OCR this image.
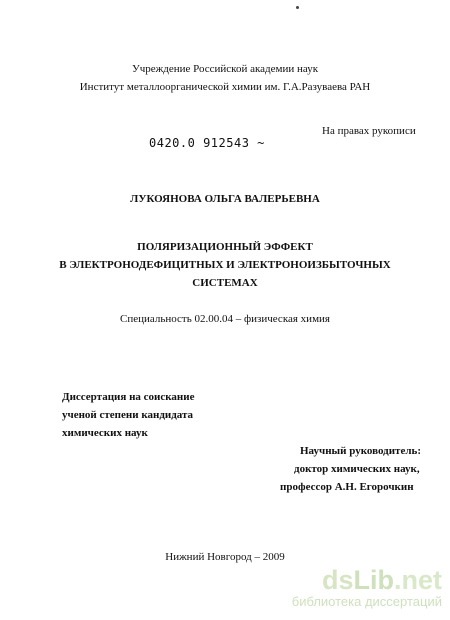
Учреждение Российской академии наук
Институт металлоорганической химии им. Г.А.Разуваева РАН
На правах рукописи
0420.0 912543 ~
ЛУКОЯНОВА ОЛЬГА ВАЛЕРЬЕВНА
ПОЛЯРИЗАЦИОННЫЙ ЭФФЕКТ
В ЭЛЕКТРОНОДЕФИЦИТНЫХ И ЭЛЕКТРОНОИЗБЫТОЧНЫХ
СИСТЕМАХ
Специальность 02.00.04 – физическая химия
Диссертация на соискание
ученой степени кандидата
химических наук
Научный руководитель:
доктор химических наук,
профессор А.Н. Егорочкин
Нижний Новгород – 2009
dsLib.net
библиотека диссертаций
